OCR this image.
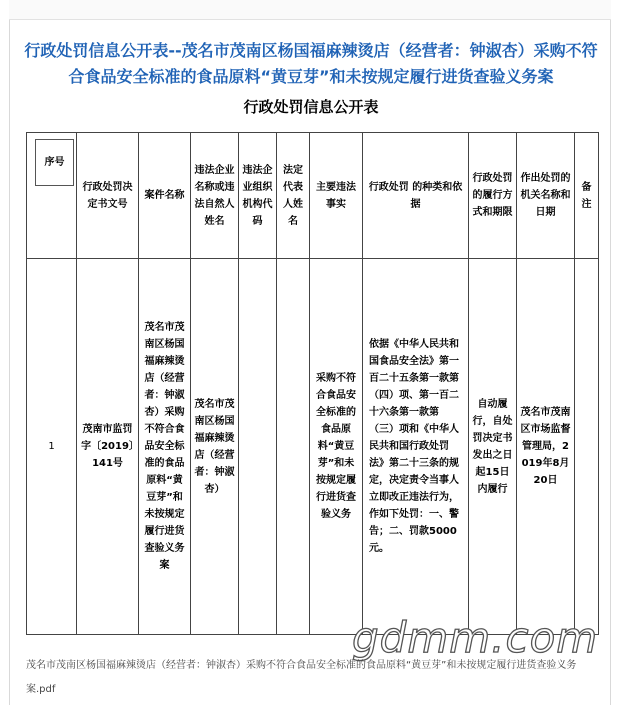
行政处罚信息公开表--茂名市茂南区杨国福麻辣烫店（经营者：钟淑杏）采购不符合食品安全标准的食品原料“黄豆芽”和未按规定履行进货查验义务案
行政处罚信息公开表
序号	行政处罚决定书文号	案件名称	违法企业名称或违法自然人姓名	违法企业组织机构代码	法定代表人姓名	主要违法事实	行政处罚 的种类和依据	行政处罚的履行方式和期限	作出处罚的机关名称和日期	备注
1	茂南市监罚字〔2019〕141号	茂名市茂南区杨国福麻辣烫店（经营者：钟淑杏）采购不符合食品安全标准的食品原料“黄豆芽”和未按规定履行进货查验义务案	茂名市茂南区杨国福麻辣烫店（经营者：钟淑杏）			采购不符合食品安全标准的食品原料“黄豆芽”和未按规定履行进货查验义务	依据《中华人民共和国食品安全法》第一百二十五条第一款第（四）项、第一百二十六条第一款第（三）项和《中华人民共和国行政处罚法》第二十三条的规定，决定责令当事人立即改正违法行为，作如下处罚：一、警告；二、罚款5000元。	自动履行，自处罚决定书发出之日起15日内履行	茂名市茂南区市场监督管理局，2019年8月20日	
gdmm.com
茂名市茂南区杨国福麻辣烫店（经营者：钟淑杏）采购不符合食品安全标准的食品原料“黄豆芽”和未按规定履行进货查验义务案.pdf
